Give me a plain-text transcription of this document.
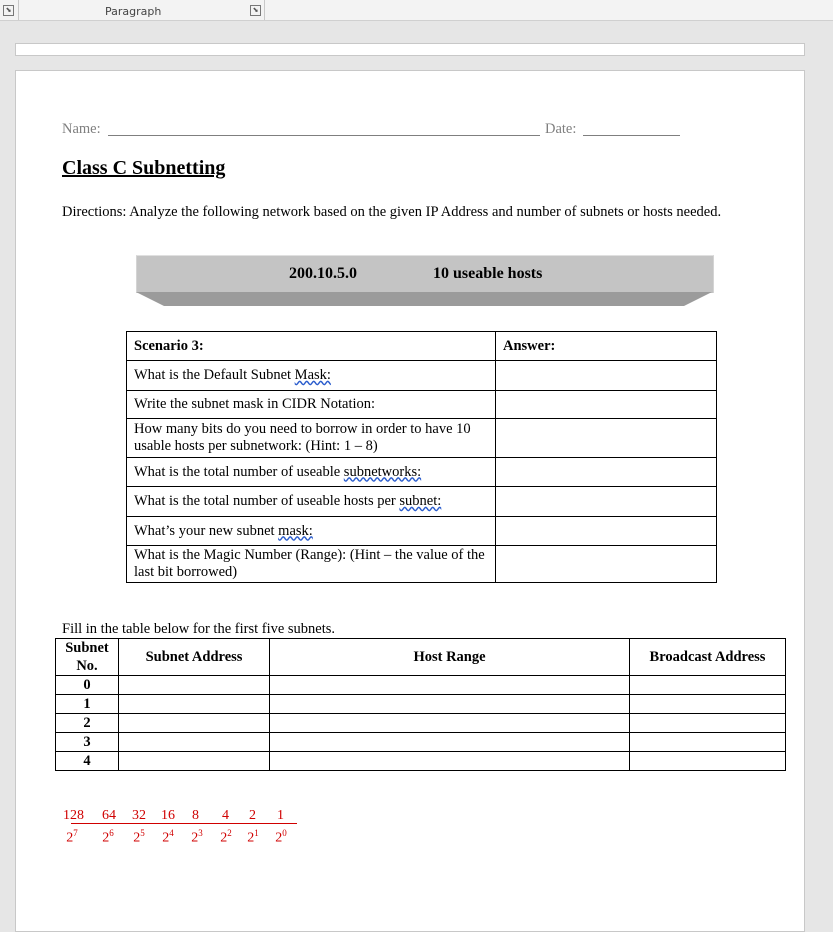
⬊	Paragraph	⬊
Name:	Date:
Class C Subnetting
Directions: Analyze the following network based on the given IP Address and number of subnets or hosts needed.
200.10.5.0	10 useable hosts
Scenario 3:	Answer:
What is the Default Subnet Mask:	
Write the subnet mask in CIDR Notation:	
How many bits do you need to borrow in order to have 10 usable hosts per subnetwork: (Hint: 1 – 8)	
What is the total number of useable subnetworks:	
What is the total number of useable hosts per subnet:	
What’s your new subnet mask:	
What is the Magic Number (Range): (Hint – the value of the last bit borrowed)	
Fill in the table below for the first five subnets.
Subnet No.	Subnet Address	Host Range	Broadcast Address
0			
1			
2			
3			
4			
128 64 32 16 8 4 2 1
$2^7$	$2^6$	$2^5$	$2^4$	$2^3$	$2^2$	$2^1$	$2^0$
